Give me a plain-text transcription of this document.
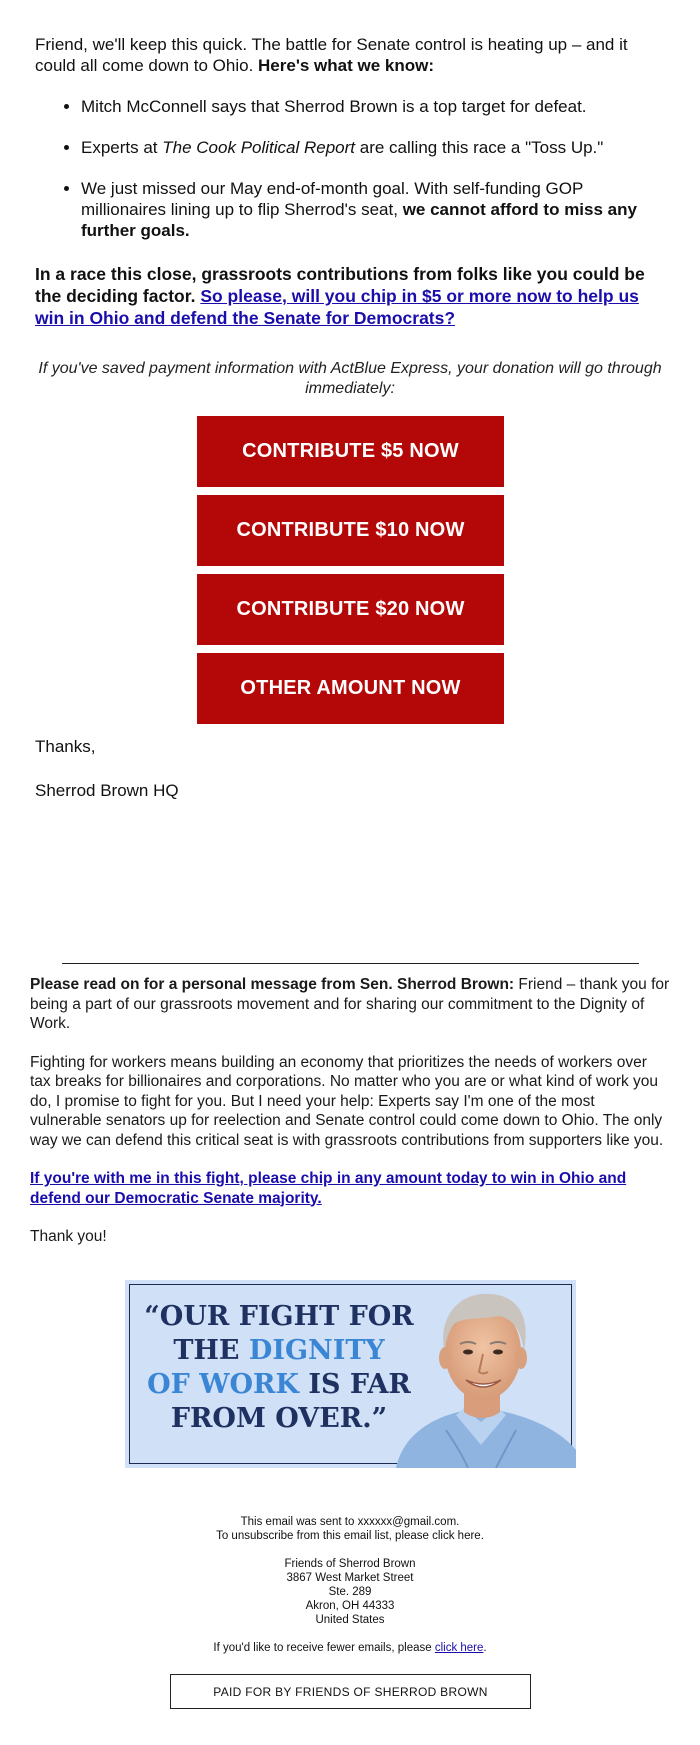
Friend, we'll keep this quick. The battle for Senate control is heating up – and it could all come down to Ohio. Here's what we know:

• Mitch McConnell says that Sherrod Brown is a top target for defeat.
• Experts at The Cook Political Report are calling this race a "Toss Up."
• We just missed our May end-of-month goal. With self-funding GOP millionaires lining up to flip Sherrod's seat, we cannot afford to miss any further goals.

In a race this close, grassroots contributions from folks like you could be the deciding factor. So please, will you chip in $5 or more now to help us win in Ohio and defend the Senate for Democrats?

If you've saved payment information with ActBlue Express, your donation will go through immediately:
CONTRIBUTE $5 NOW
CONTRIBUTE $10 NOW
CONTRIBUTE $20 NOW
OTHER AMOUNT NOW
Thanks,
Sherrod Brown HQ

Please read on for a personal message from Sen. Sherrod Brown: Friend – thank you for being a part of our grassroots movement and for sharing our commitment to the Dignity of Work.

Fighting for workers means building an economy that prioritizes the needs of workers over tax breaks for billionaires and corporations. No matter who you are or what kind of work you do, I promise to fight for you. But I need your help: Experts say I'm one of the most vulnerable senators up for reelection and Senate control could come down to Ohio. The only way we can defend this critical seat is with grassroots contributions from supporters like you.

If you're with me in this fight, please chip in any amount today to win in Ohio and defend our Democratic Senate majority.

Thank you!

“OUR FIGHT FOR
THE DIGNITY
OF WORK IS FAR
FROM OVER.”

This email was sent to xxxxxx@gmail.com.

To unsubscribe from this email list, please click here.

Friends of Sherrod Brown

3867 West Market Street

Ste. 289

Akron, OH 44333

United States

If you'd like to receive fewer emails, please click here.

PAID FOR BY FRIENDS OF SHERROD BROWN
